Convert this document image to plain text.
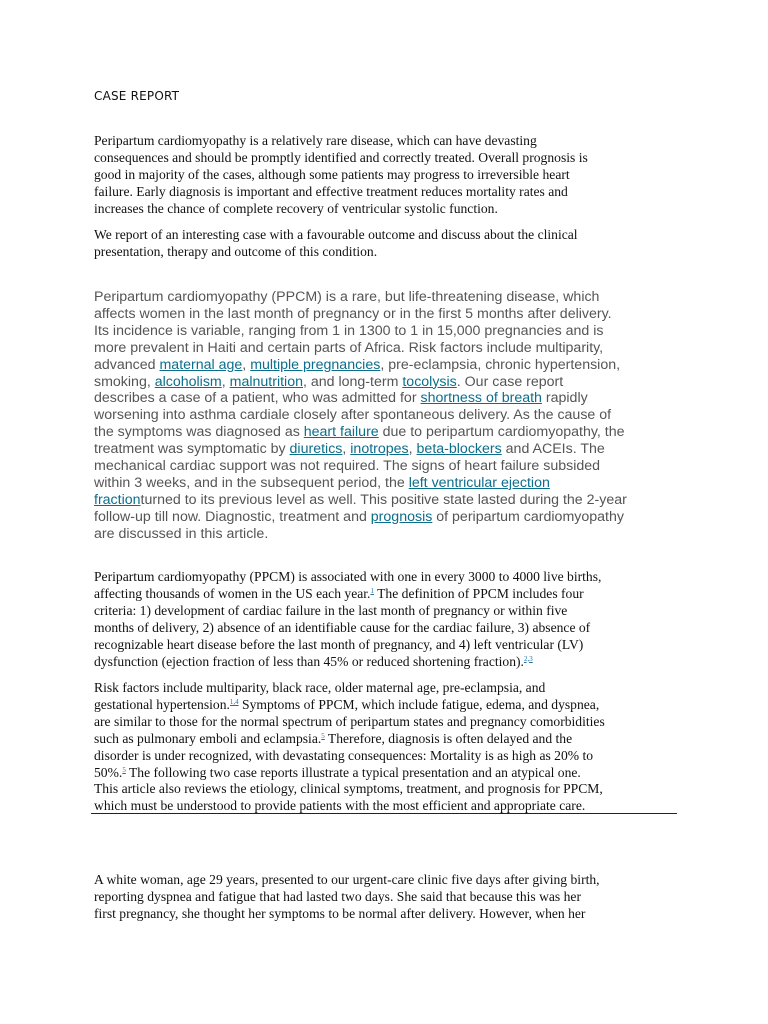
CASE REPORT
Peripartum cardiomyopathy is a relatively rare disease, which can have devasting
consequences and should be promptly identified and correctly treated. Overall prognosis is
good in majority of the cases, although some patients may progress to irreversible heart
failure. Early diagnosis is important and effective treatment reduces mortality rates and
increases the chance of complete recovery of ventricular systolic function.
We report of an interesting case with a favourable outcome and discuss about the clinical
presentation, therapy and outcome of this condition.
Peripartum cardiomyopathy (PPCM) is a rare, but life-threatening disease, which
affects women in the last month of pregnancy or in the first 5 months after delivery.
Its incidence is variable, ranging from 1 in 1300 to 1 in 15,000 pregnancies and is
more prevalent in Haiti and certain parts of Africa. Risk factors include multiparity,
advanced maternal age, multiple pregnancies, pre-eclampsia, chronic hypertension,
smoking, alcoholism, malnutrition, and long-term tocolysis. Our case report
describes a case of a patient, who was admitted for shortness of breath rapidly
worsening into asthma cardiale closely after spontaneous delivery. As the cause of
the symptoms was diagnosed as heart failure due to peripartum cardiomyopathy, the
treatment was symptomatic by diuretics, inotropes, beta-blockers and ACEIs. The
mechanical cardiac support was not required. The signs of heart failure subsided
within 3 weeks, and in the subsequent period, the left ventricular ejection
fractionturned to its previous level as well. This positive state lasted during the 2-year
follow-up till now. Diagnostic, treatment and prognosis of peripartum cardiomyopathy
are discussed in this article.
Peripartum cardiomyopathy (PPCM) is associated with one in every 3000 to 4000 live births,
affecting thousands of women in the US each year.$^1$ The definition of PPCM includes four
criteria: 1) development of cardiac failure in the last month of pregnancy or within five
months of delivery, 2) absence of an identifiable cause for the cardiac failure, 3) absence of
recognizable heart disease before the last month of pregnancy, and 4) left ventricular (LV)
dysfunction (ejection fraction of less than 45% or reduced shortening fraction).$^{2,3}$
Risk factors include multiparity, black race, older maternal age, pre-eclampsia, and
gestational hypertension.$^{1,4}$ Symptoms of PPCM, which include fatigue, edema, and dyspnea,
are similar to those for the normal spectrum of peripartum states and pregnancy comorbidities
such as pulmonary emboli and eclampsia.$^5$ Therefore, diagnosis is often delayed and the
disorder is under recognized, with devastating consequences: Mortality is as high as 20% to
50%.$^5$ The following two case reports illustrate a typical presentation and an atypical one.
This article also reviews the etiology, clinical symptoms, treatment, and prognosis for PPCM,
which must be understood to provide patients with the most efficient and appropriate care.
A white woman, age 29 years, presented to our urgent-care clinic five days after giving birth,
reporting dyspnea and fatigue that had lasted two days. She said that because this was her
first pregnancy, she thought her symptoms to be normal after delivery. However, when her
